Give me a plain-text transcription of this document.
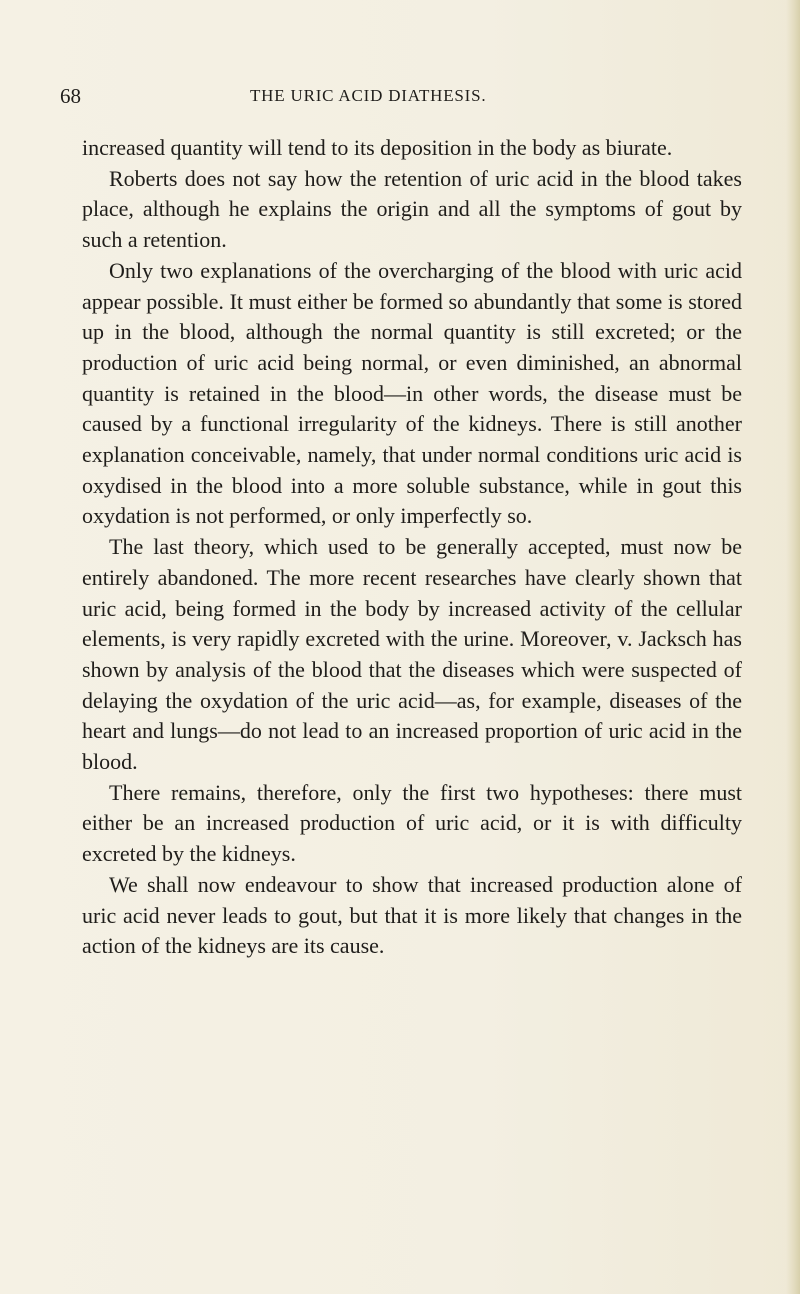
68	THE URIC ACID DIATHESIS.

increased quantity will tend to its deposition in the body as biurate.

Roberts does not say how the retention of uric acid in the blood takes place, although he explains the origin and all the symptoms of gout by such a retention.

Only two explanations of the overcharging of the blood with uric acid appear possible. It must either be formed so abundantly that some is stored up in the blood, although the normal quantity is still excreted; or the production of uric acid being normal, or even diminished, an abnormal quantity is retained in the blood—in other words, the disease must be caused by a functional irregularity of the kidneys. There is still another explanation conceivable, namely, that under normal conditions uric acid is oxydised in the blood into a more soluble substance, while in gout this oxydation is not performed, or only imperfectly so.

The last theory, which used to be generally accepted, must now be entirely abandoned. The more recent researches have clearly shown that uric acid, being formed in the body by increased activity of the cellular elements, is very rapidly excreted with the urine. Moreover, v. Jacksch has shown by analysis of the blood that the diseases which were suspected of delaying the oxydation of the uric acid—as, for example, diseases of the heart and lungs—do not lead to an increased proportion of uric acid in the blood.

There remains, therefore, only the first two hypotheses: there must either be an increased production of uric acid, or it is with difficulty excreted by the kidneys.

We shall now endeavour to show that increased production alone of uric acid never leads to gout, but that it is more likely that changes in the action of the kidneys are its cause.
